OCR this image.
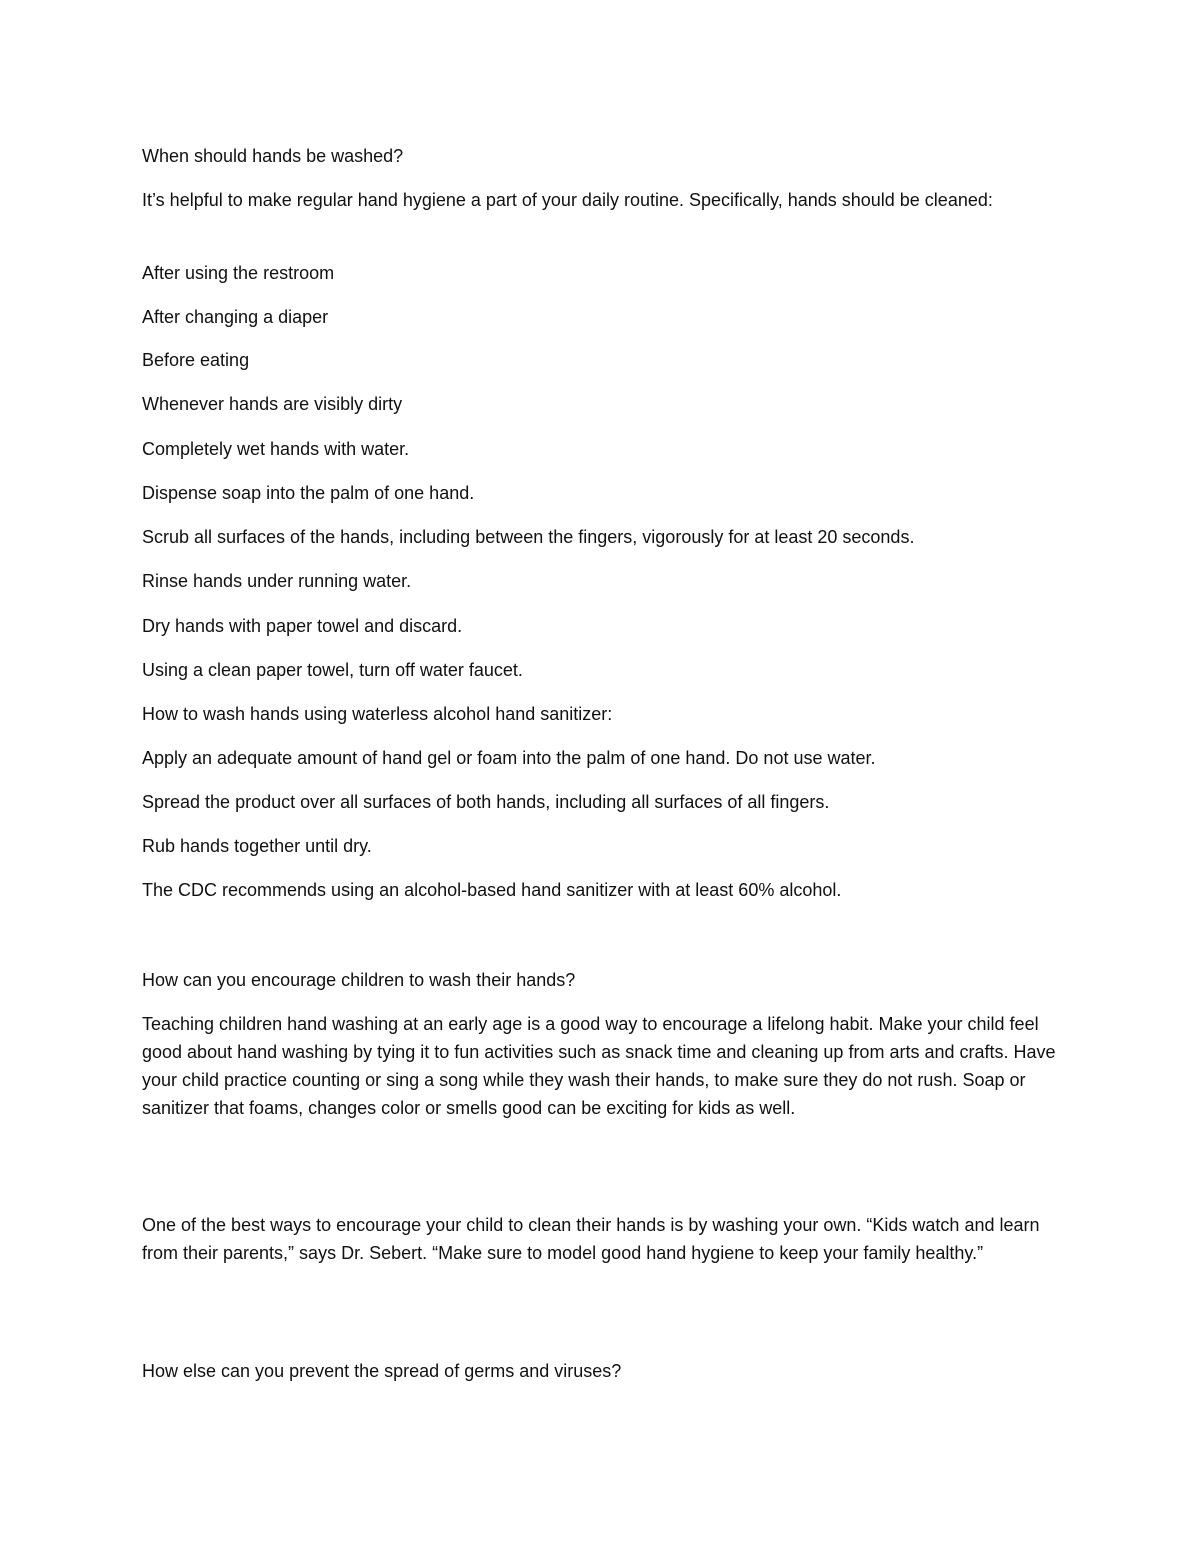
When should hands be washed?

It’s helpful to make regular hand hygiene a part of your daily routine. Specifically, hands should be cleaned:

After using the restroom

After changing a diaper

Before eating

Whenever hands are visibly dirty

Completely wet hands with water.

Dispense soap into the palm of one hand.

Scrub all surfaces of the hands, including between the fingers, vigorously for at least 20 seconds.

Rinse hands under running water.

Dry hands with paper towel and discard.

Using a clean paper towel, turn off water faucet.

How to wash hands using waterless alcohol hand sanitizer:

Apply an adequate amount of hand gel or foam into the palm of one hand. Do not use water.

Spread the product over all surfaces of both hands, including all surfaces of all fingers.

Rub hands together until dry.

The CDC recommends using an alcohol-based hand sanitizer with at least 60% alcohol.

How can you encourage children to wash their hands?

Teaching children hand washing at an early age is a good way to encourage a lifelong habit. Make your child feel good about hand washing by tying it to fun activities such as snack time and cleaning up from arts and crafts. Have your child practice counting or sing a song while they wash their hands, to make sure they do not rush. Soap or sanitizer that foams, changes color or smells good can be exciting for kids as well.

One of the best ways to encourage your child to clean their hands is by washing your own. “Kids watch and learn from their parents,” says Dr. Sebert. “Make sure to model good hand hygiene to keep your family healthy.”

How else can you prevent the spread of germs and viruses?
